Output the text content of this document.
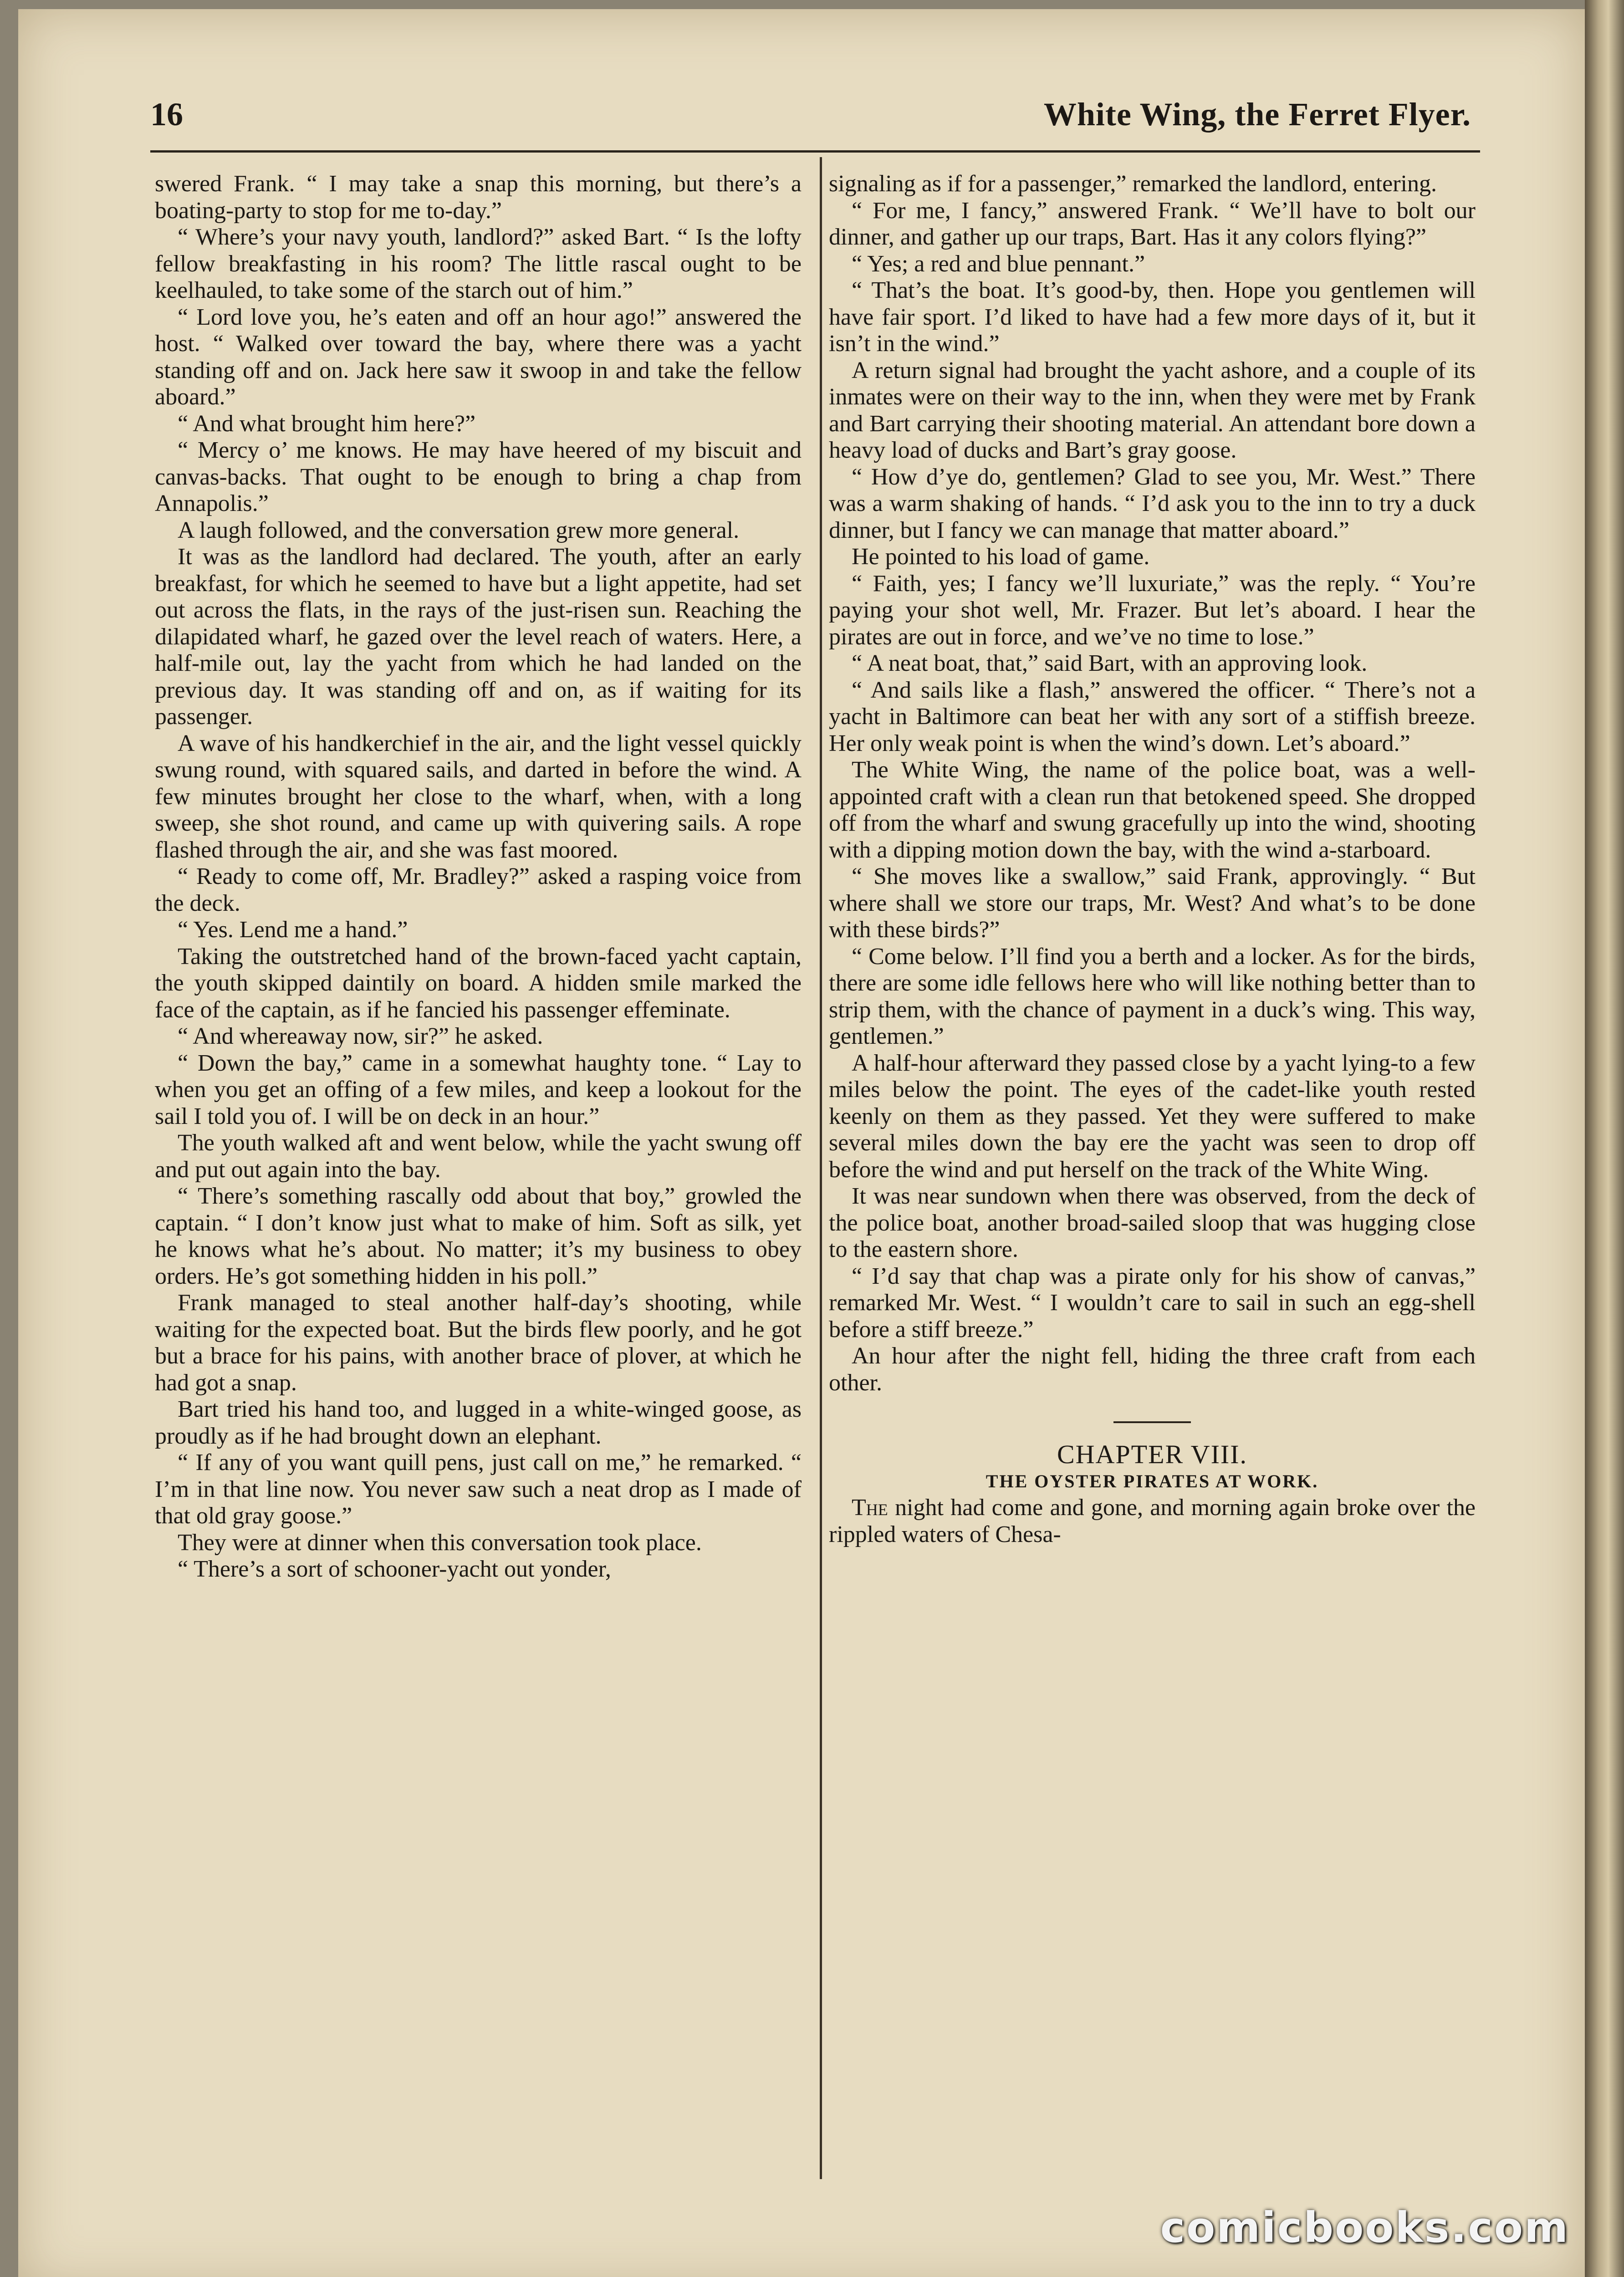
16	White Wing, the Ferret Flyer.

swered Frank. “ I may take a snap this morning, but there’s a boating-party to stop for me to-day.”

“ Where’s your navy youth, landlord?” asked Bart. “ Is the lofty fellow breakfasting in his room? The little rascal ought to be keelhauled, to take some of the starch out of him.”

“ Lord love you, he’s eaten and off an hour ago!” answered the host. “ Walked over toward the bay, where there was a yacht standing off and on. Jack here saw it swoop in and take the fellow aboard.”

“ And what brought him here?”

“ Mercy o’ me knows. He may have heered of my biscuit and canvas-backs. That ought to be enough to bring a chap from Annapolis.”

A laugh followed, and the conversation grew more general.

It was as the landlord had declared. The youth, after an early breakfast, for which he seemed to have but a light appetite, had set out across the flats, in the rays of the just-risen sun. Reaching the dilapidated wharf, he gazed over the level reach of waters. Here, a half-mile out, lay the yacht from which he had landed on the previous day. It was standing off and on, as if waiting for its passenger.

A wave of his handkerchief in the air, and the light vessel quickly swung round, with squared sails, and darted in before the wind. A few minutes brought her close to the wharf, when, with a long sweep, she shot round, and came up with quivering sails. A rope flashed through the air, and she was fast moored.

“ Ready to come off, Mr. Bradley?” asked a rasping voice from the deck.

“ Yes. Lend me a hand.”

Taking the outstretched hand of the brown-faced yacht captain, the youth skipped daintily on board. A hidden smile marked the face of the captain, as if he fancied his passenger effeminate.

“ And whereaway now, sir?” he asked.

“ Down the bay,” came in a somewhat haughty tone. “ Lay to when you get an offing of a few miles, and keep a lookout for the sail I told you of. I will be on deck in an hour.”

The youth walked aft and went below, while the yacht swung off and put out again into the bay.

“ There’s something rascally odd about that boy,” growled the captain. “ I don’t know just what to make of him. Soft as silk, yet he knows what he’s about. No matter; it’s my business to obey orders. He’s got something hidden in his poll.”

Frank managed to steal another half-day’s shooting, while waiting for the expected boat. But the birds flew poorly, and he got but a brace for his pains, with another brace of plover, at which he had got a snap.

Bart tried his hand too, and lugged in a white-winged goose, as proudly as if he had brought down an elephant.

“ If any of you want quill pens, just call on me,” he remarked. “ I’m in that line now. You never saw such a neat drop as I made of that old gray goose.”

They were at dinner when this conversation took place.

“ There’s a sort of schooner-yacht out yonder,

signaling as if for a passenger,” remarked the landlord, entering.

“ For me, I fancy,” answered Frank. “ We’ll have to bolt our dinner, and gather up our traps, Bart. Has it any colors flying?”

“ Yes; a red and blue pennant.”

“ That’s the boat. It’s good-by, then. Hope you gentlemen will have fair sport. I’d liked to have had a few more days of it, but it isn’t in the wind.”

A return signal had brought the yacht ashore, and a couple of its inmates were on their way to the inn, when they were met by Frank and Bart carrying their shooting material. An attendant bore down a heavy load of ducks and Bart’s gray goose.

“ How d’ye do, gentlemen? Glad to see you, Mr. West.” There was a warm shaking of hands. “ I’d ask you to the inn to try a duck dinner, but I fancy we can manage that matter aboard.”

He pointed to his load of game.

“ Faith, yes; I fancy we’ll luxuriate,” was the reply. “ You’re paying your shot well, Mr. Frazer. But let’s aboard. I hear the pirates are out in force, and we’ve no time to lose.”

“ A neat boat, that,” said Bart, with an approving look.

“ And sails like a flash,” answered the officer. “ There’s not a yacht in Baltimore can beat her with any sort of a stiffish breeze. Her only weak point is when the wind’s down. Let’s aboard.”

The White Wing, the name of the police boat, was a well-appointed craft with a clean run that betokened speed. She dropped off from the wharf and swung gracefully up into the wind, shooting with a dipping motion down the bay, with the wind a-starboard.

“ She moves like a swallow,” said Frank, approvingly. “ But where shall we store our traps, Mr. West? And what’s to be done with these birds?”

“ Come below. I’ll find you a berth and a locker. As for the birds, there are some idle fellows here who will like nothing better than to strip them, with the chance of payment in a duck’s wing. This way, gentlemen.”

A half-hour afterward they passed close by a yacht lying-to a few miles below the point. The eyes of the cadet-like youth rested keenly on them as they passed. Yet they were suffered to make several miles down the bay ere the yacht was seen to drop off before the wind and put herself on the track of the White Wing.

It was near sundown when there was observed, from the deck of the police boat, another broad-sailed sloop that was hugging close to the eastern shore.

“ I’d say that chap was a pirate only for his show of canvas,” remarked Mr. West. “ I wouldn’t care to sail in such an egg-shell before a stiff breeze.”

An hour after the night fell, hiding the three craft from each other.

CHAPTER VIII.

THE OYSTER PIRATES AT WORK.

The night had come and gone, and morning again broke over the rippled waters of Chesa-

comicbooks.com
